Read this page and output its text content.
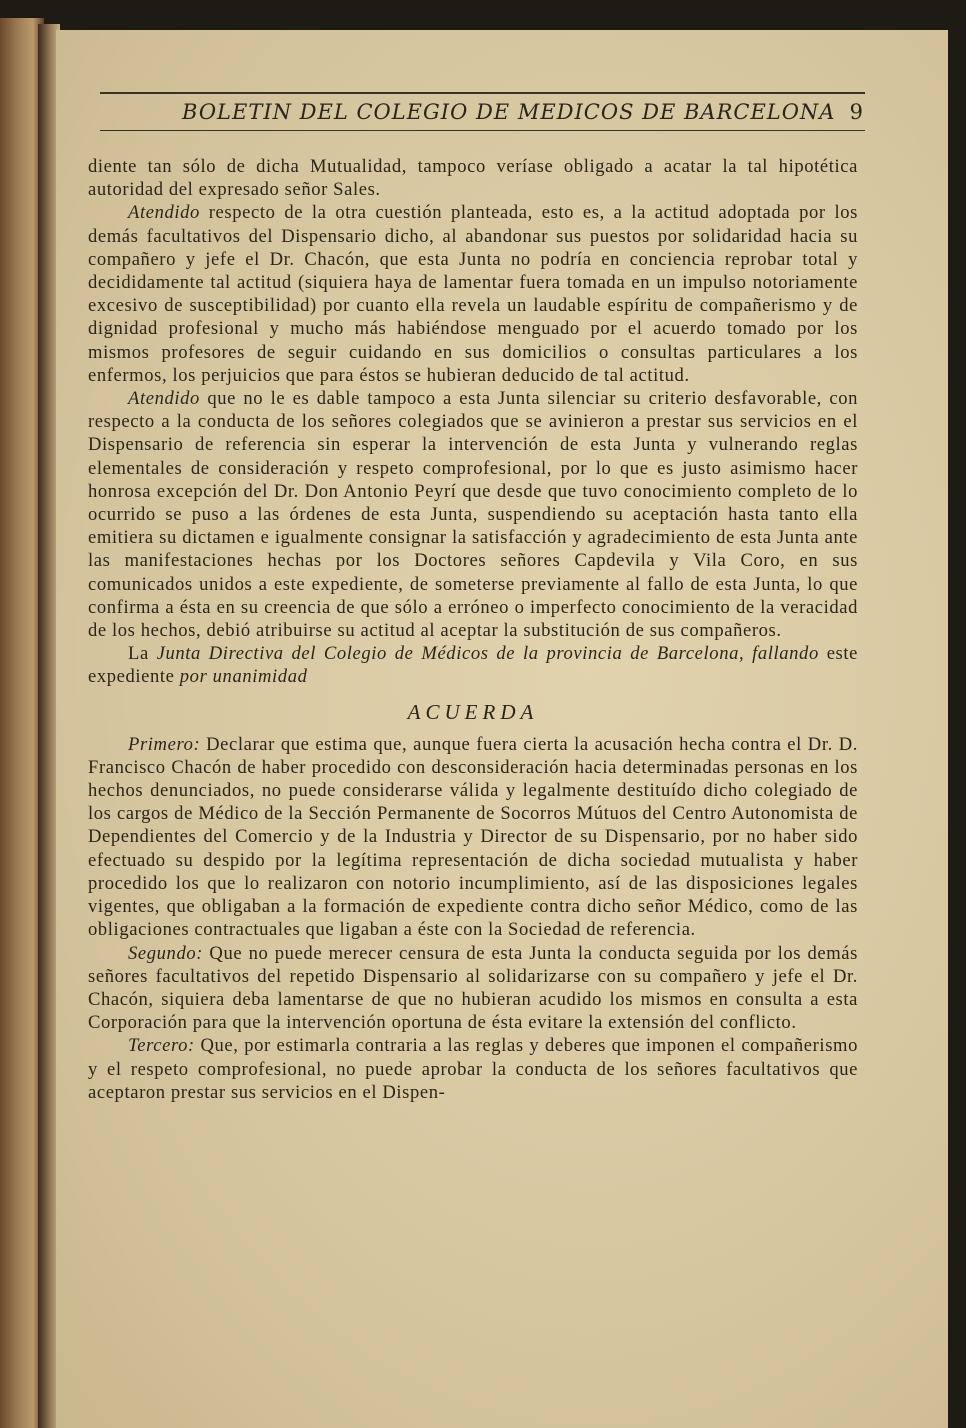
BOLETIN DEL COLEGIO DE MEDICOS DE BARCELONA 9

diente tan sólo de dicha Mutualidad, tampoco veríase obligado a acatar la tal hipotética autoridad del expresado señor Sales.

Atendido respecto de la otra cuestión planteada, esto es, a la actitud adoptada por los demás facultativos del Dispensario dicho, al abandonar sus puestos por solidaridad hacia su compañero y jefe el Dr. Chacón, que esta Junta no podría en conciencia reprobar total y decididamente tal actitud (siquiera haya de lamentar fuera tomada en un impulso notoriamente excesivo de susceptibilidad) por cuanto ella revela un laudable espíritu de compañerismo y de dignidad profesional y mucho más habiéndose menguado por el acuerdo tomado por los mismos profesores de seguir cuidando en sus domicilios o consultas particulares a los enfermos, los perjuicios que para éstos se hubieran deducido de tal actitud.

Atendido que no le es dable tampoco a esta Junta silenciar su criterio desfavorable, con respecto a la conducta de los señores colegiados que se avinieron a prestar sus servicios en el Dispensario de referencia sin esperar la intervención de esta Junta y vulnerando reglas elementales de consideración y respeto comprofesional, por lo que es justo asimismo hacer honrosa excepción del Dr. Don Antonio Peyrí que desde que tuvo conocimiento completo de lo ocurrido se puso a las órdenes de esta Junta, suspendiendo su aceptación hasta tanto ella emitiera su dictamen e igualmente consignar la satisfacción y agradecimiento de esta Junta ante las manifestaciones hechas por los Doctores señores Capdevila y Vila Coro, en sus comunicados unidos a este expediente, de someterse previamente al fallo de esta Junta, lo que confirma a ésta en su creencia de que sólo a erróneo o imperfecto conocimiento de la veracidad de los hechos, debió atribuirse su actitud al aceptar la substitución de sus compañeros.

La Junta Directiva del Colegio de Médicos de la provincia de Barcelona, fallando este expediente por unanimidad

ACUERDA

Primero: Declarar que estima que, aunque fuera cierta la acusación hecha contra el Dr. D. Francisco Chacón de haber procedido con desconsideración hacia determinadas personas en los hechos denunciados, no puede considerarse válida y legalmente destituído dicho colegiado de los cargos de Médico de la Sección Permanente de Socorros Mútuos del Centro Autonomista de Dependientes del Comercio y de la Industria y Director de su Dispensario, por no haber sido efectuado su despido por la legítima representación de dicha sociedad mutualista y haber procedido los que lo realizaron con notorio incumplimiento, así de las disposiciones legales vigentes, que obligaban a la formación de expediente contra dicho señor Médico, como de las obligaciones contractuales que ligaban a éste con la Sociedad de referencia.

Segundo: Que no puede merecer censura de esta Junta la conducta seguida por los demás señores facultativos del repetido Dispensario al solidarizarse con su compañero y jefe el Dr. Chacón, siquiera deba lamentarse de que no hubieran acudido los mismos en consulta a esta Corporación para que la intervención oportuna de ésta evitare la extensión del conflicto.

Tercero: Que, por estimarla contraria a las reglas y deberes que imponen el compañerismo y el respeto comprofesional, no puede aprobar la conducta de los señores facultativos que aceptaron prestar sus servicios en el Dispen-
